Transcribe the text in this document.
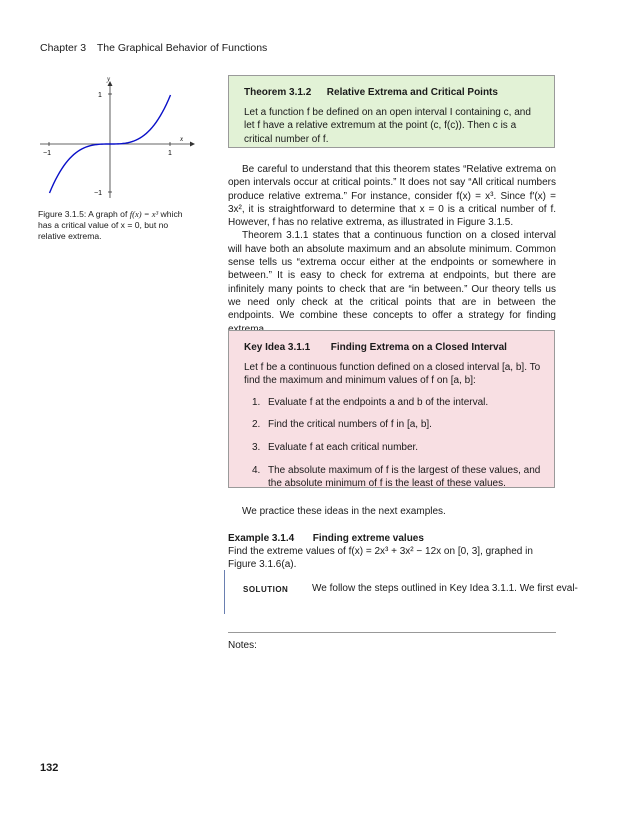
Chapter 3 The Graphical Behavior of Functions
x
y
−1	1
1
−1
Figure 3.1.5: A graph of f(x) = x³ which has a critical value of x = 0, but no relative extrema.
Theorem 3.1.2 Relative Extrema and Critical Points
Let a function f be defined on an open interval I containing c, and let f have a relative extremum at the point (c, f(c)). Then c is a critical number of f.

Be careful to understand that this theorem states “Relative extrema on open intervals occur at critical points.” It does not say “All critical numbers produce relative extrema.” For instance, consider f(x) = x³. Since f′(x) = 3x², it is straightforward to determine that x = 0 is a critical number of f. However, f has no relative extrema, as illustrated in Figure 3.1.5.

Theorem 3.1.1 states that a continuous function on a closed interval will have both an absolute maximum and an absolute minimum. Common sense tells us “extrema occur either at the endpoints or somewhere in between.” It is easy to check for extrema at endpoints, but there are infinitely many points to check that are “in between.” Our theory tells us we need only check at the critical points that are in between the endpoints. We combine these concepts to offer a strategy for finding

Key Idea 3.1.1 Finding Extrema on a Closed Interval
Let f be a continuous function defined on a closed interval [a, b]. To find the maximum and minimum values of f on [a, b]:
1. Evaluate f at the endpoints a and b of the interval.
2. Find the critical numbers of f in [a, b].
3. Evaluate f at each critical number.
4. The absolute maximum of f is the largest of these values, and the absolute minimum of f is the least of these values.

We practice these ideas in the next examples.

Example 3.1.4 Finding extreme values
Find the extreme values of f(x) = 2x³ + 3x² − 12x on [0, 3], graphed in Figure 3.1.6(a).
SOLUTION We follow the steps outlined in Key Idea 3.1.1. We first eval-
Notes:
132
